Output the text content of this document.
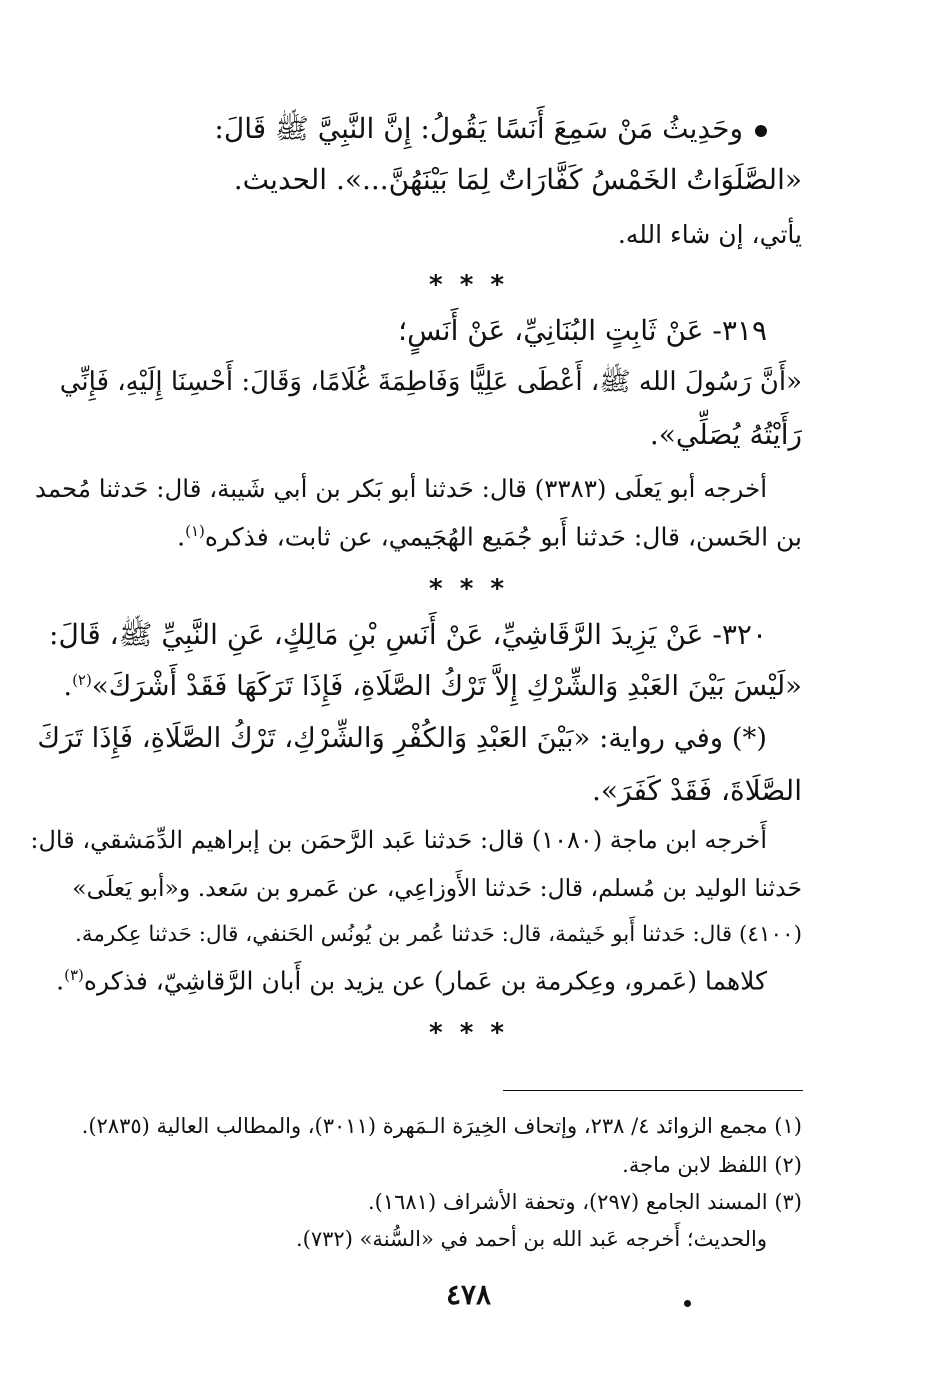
وحَدِيثُ مَنْ سَمِعَ أَنَسًا يَقُولُ: إِنَّ النَّبِيَّ ﷺ قَالَ:
«الصَّلَوَاتُ الخَمْسُ كَفَّارَاتٌ لِمَا بَيْنَهُنَّ...». الحديث.
يأتي، إن شاء الله.
* * *
٣١٩- عَنْ ثَابِتٍ البُنَانِيِّ، عَنْ أَنَسٍ؛
«أَنَّ رَسُولَ الله ﷺ، أَعْطَى عَلِيًّا وَفَاطِمَةَ غُلَامًا، وَقَالَ: أَحْسِنَا إِلَيْهِ، فَإِنِّي
رَأَيْتُهُ يُصَلِّي».
أخرجه أبو يَعلَى (٣٣٨٣) قال: حَدثنا أبو بَكر بن أبي شَيبة، قال: حَدثنا مُحمد
بن الحَسن، قال: حَدثنا أَبو جُمَيع الهُجَيمي، عن ثابت، فذكره$^{(١)}$.
* * *
٣٢٠- عَنْ يَزِيدَ الرَّقَاشِيِّ، عَنْ أَنَسِ بْنِ مَالِكٍ، عَنِ النَّبِيِّ ﷺ، قَالَ:
«لَيْسَ بَيْنَ العَبْدِ وَالشِّرْكِ إِلاَّ تَرْكُ الصَّلَاةِ، فَإِذَا تَرَكَهَا فَقَدْ أَشْرَكَ»$^{(٢)}$.
(*) وفي رواية: «بَيْنَ العَبْدِ وَالكُفْرِ وَالشِّرْكِ، تَرْكُ الصَّلَاةِ، فَإِذَا تَرَكَ
الصَّلَاةَ، فَقَدْ كَفَرَ».
أَخرجه ابن ماجة (١٠٨٠) قال: حَدثنا عَبد الرَّحمَن بن إبراهيم الدِّمَشقي، قال:
حَدثنا الوليد بن مُسلم، قال: حَدثنا الأَوزاعِي، عن عَمرو بن سَعد. و«أبو يَعلَى»
(٤١٠٠) قال: حَدثنا أَبو خَيثمة، قال: حَدثنا عُمر بن يُونُس الحَنفي، قال: حَدثنا عِكرمة.
كلاهما (عَمرو، وعِكرمة بن عَمار) عن يزيد بن أَبان الرَّقاشِيّ، فذكره$^{(٣)}$.
* * *
(١) مجمع الزوائد ٤/ ٢٣٨، وإتحاف الخِيرَة الـمَهرة (٣٠١١)، والمطالب العالية (٢٨٣٥).
(٢) اللفظ لابن ماجة.
(٣) المسند الجامع (٢٩٧)، وتحفة الأشراف (١٦٨١).
والحديث؛ أَخرجه عَبد الله بن أحمد في «السُّنة» (٧٣٢).
٤٧٨
